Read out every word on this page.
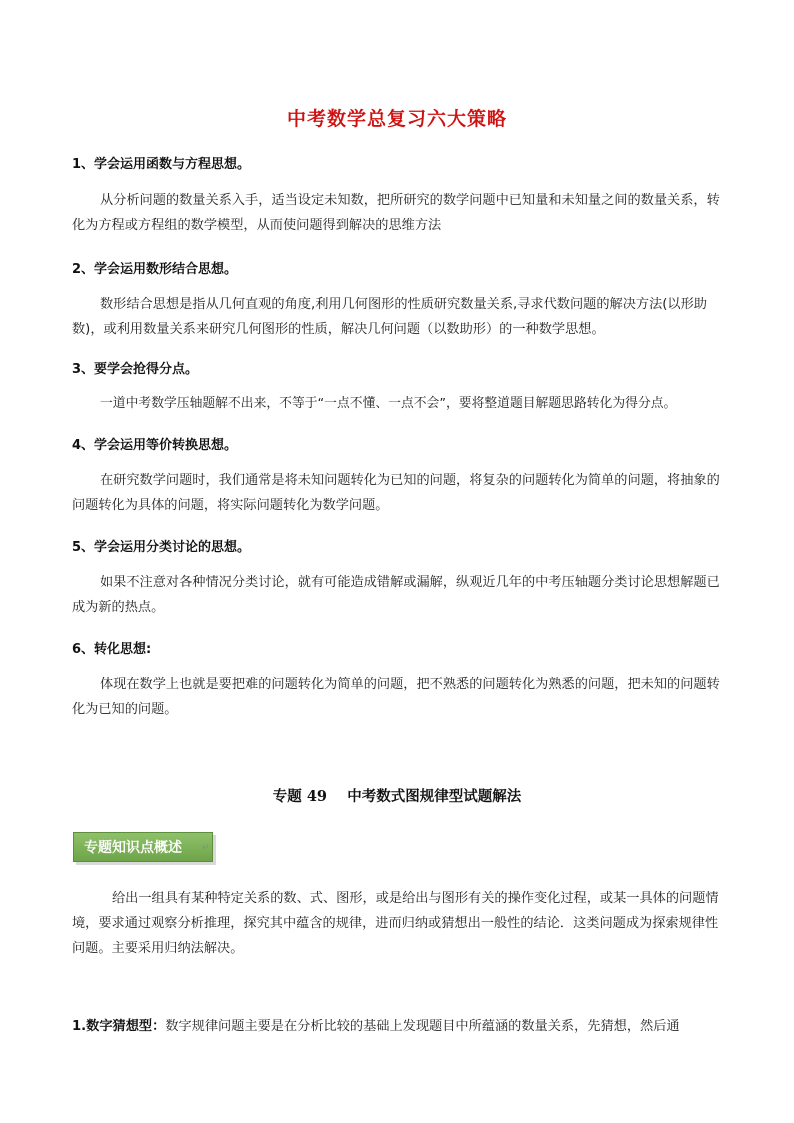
中考数学总复习六大策略
1、学会运用函数与方程思想。
从分析问题的数量关系入手，适当设定未知数，把所研究的数学问题中已知量和未知量之间的数量关系，转化为方程或方程组的数学模型，从而使问题得到解决的思维方法
2、学会运用数形结合思想。
数形结合思想是指从几何直观的角度,利用几何图形的性质研究数量关系,寻求代数问题的解决方法(以形助数)，或利用数量关系来研究几何图形的性质，解决几何问题（以数助形）的一种数学思想。
3、要学会抢得分点。
一道中考数学压轴题解不出来，不等于“一点不懂、一点不会”，要将整道题目解题思路转化为得分点。
4、学会运用等价转换思想。
在研究数学问题时，我们通常是将未知问题转化为已知的问题，将复杂的问题转化为简单的问题，将抽象的问题转化为具体的问题，将实际问题转化为数学问题。
5、学会运用分类讨论的思想。
如果不注意对各种情况分类讨论，就有可能造成错解或漏解，纵观近几年的中考压轴题分类讨论思想解题已成为新的热点。
6、转化思想:
体现在数学上也就是要把难的问题转化为简单的问题，把不熟悉的问题转化为熟悉的问题，把未知的问题转化为已知的问题。
专题 49    中考数式图规律型试题解法
专题知识点概述 ↵
给出一组具有某种特定关系的数、式、图形，或是给出与图形有关的操作变化过程，或某一具体的问题情境，要求通过观察分析推理，探究其中蕴含的规律，进而归纳或猜想出一般性的结论．这类问题成为探索规律性问题。主要采用归纳法解决。
1.数字猜想型：数字规律问题主要是在分析比较的基础上发现题目中所蕴涵的数量关系，先猜想，然后通
